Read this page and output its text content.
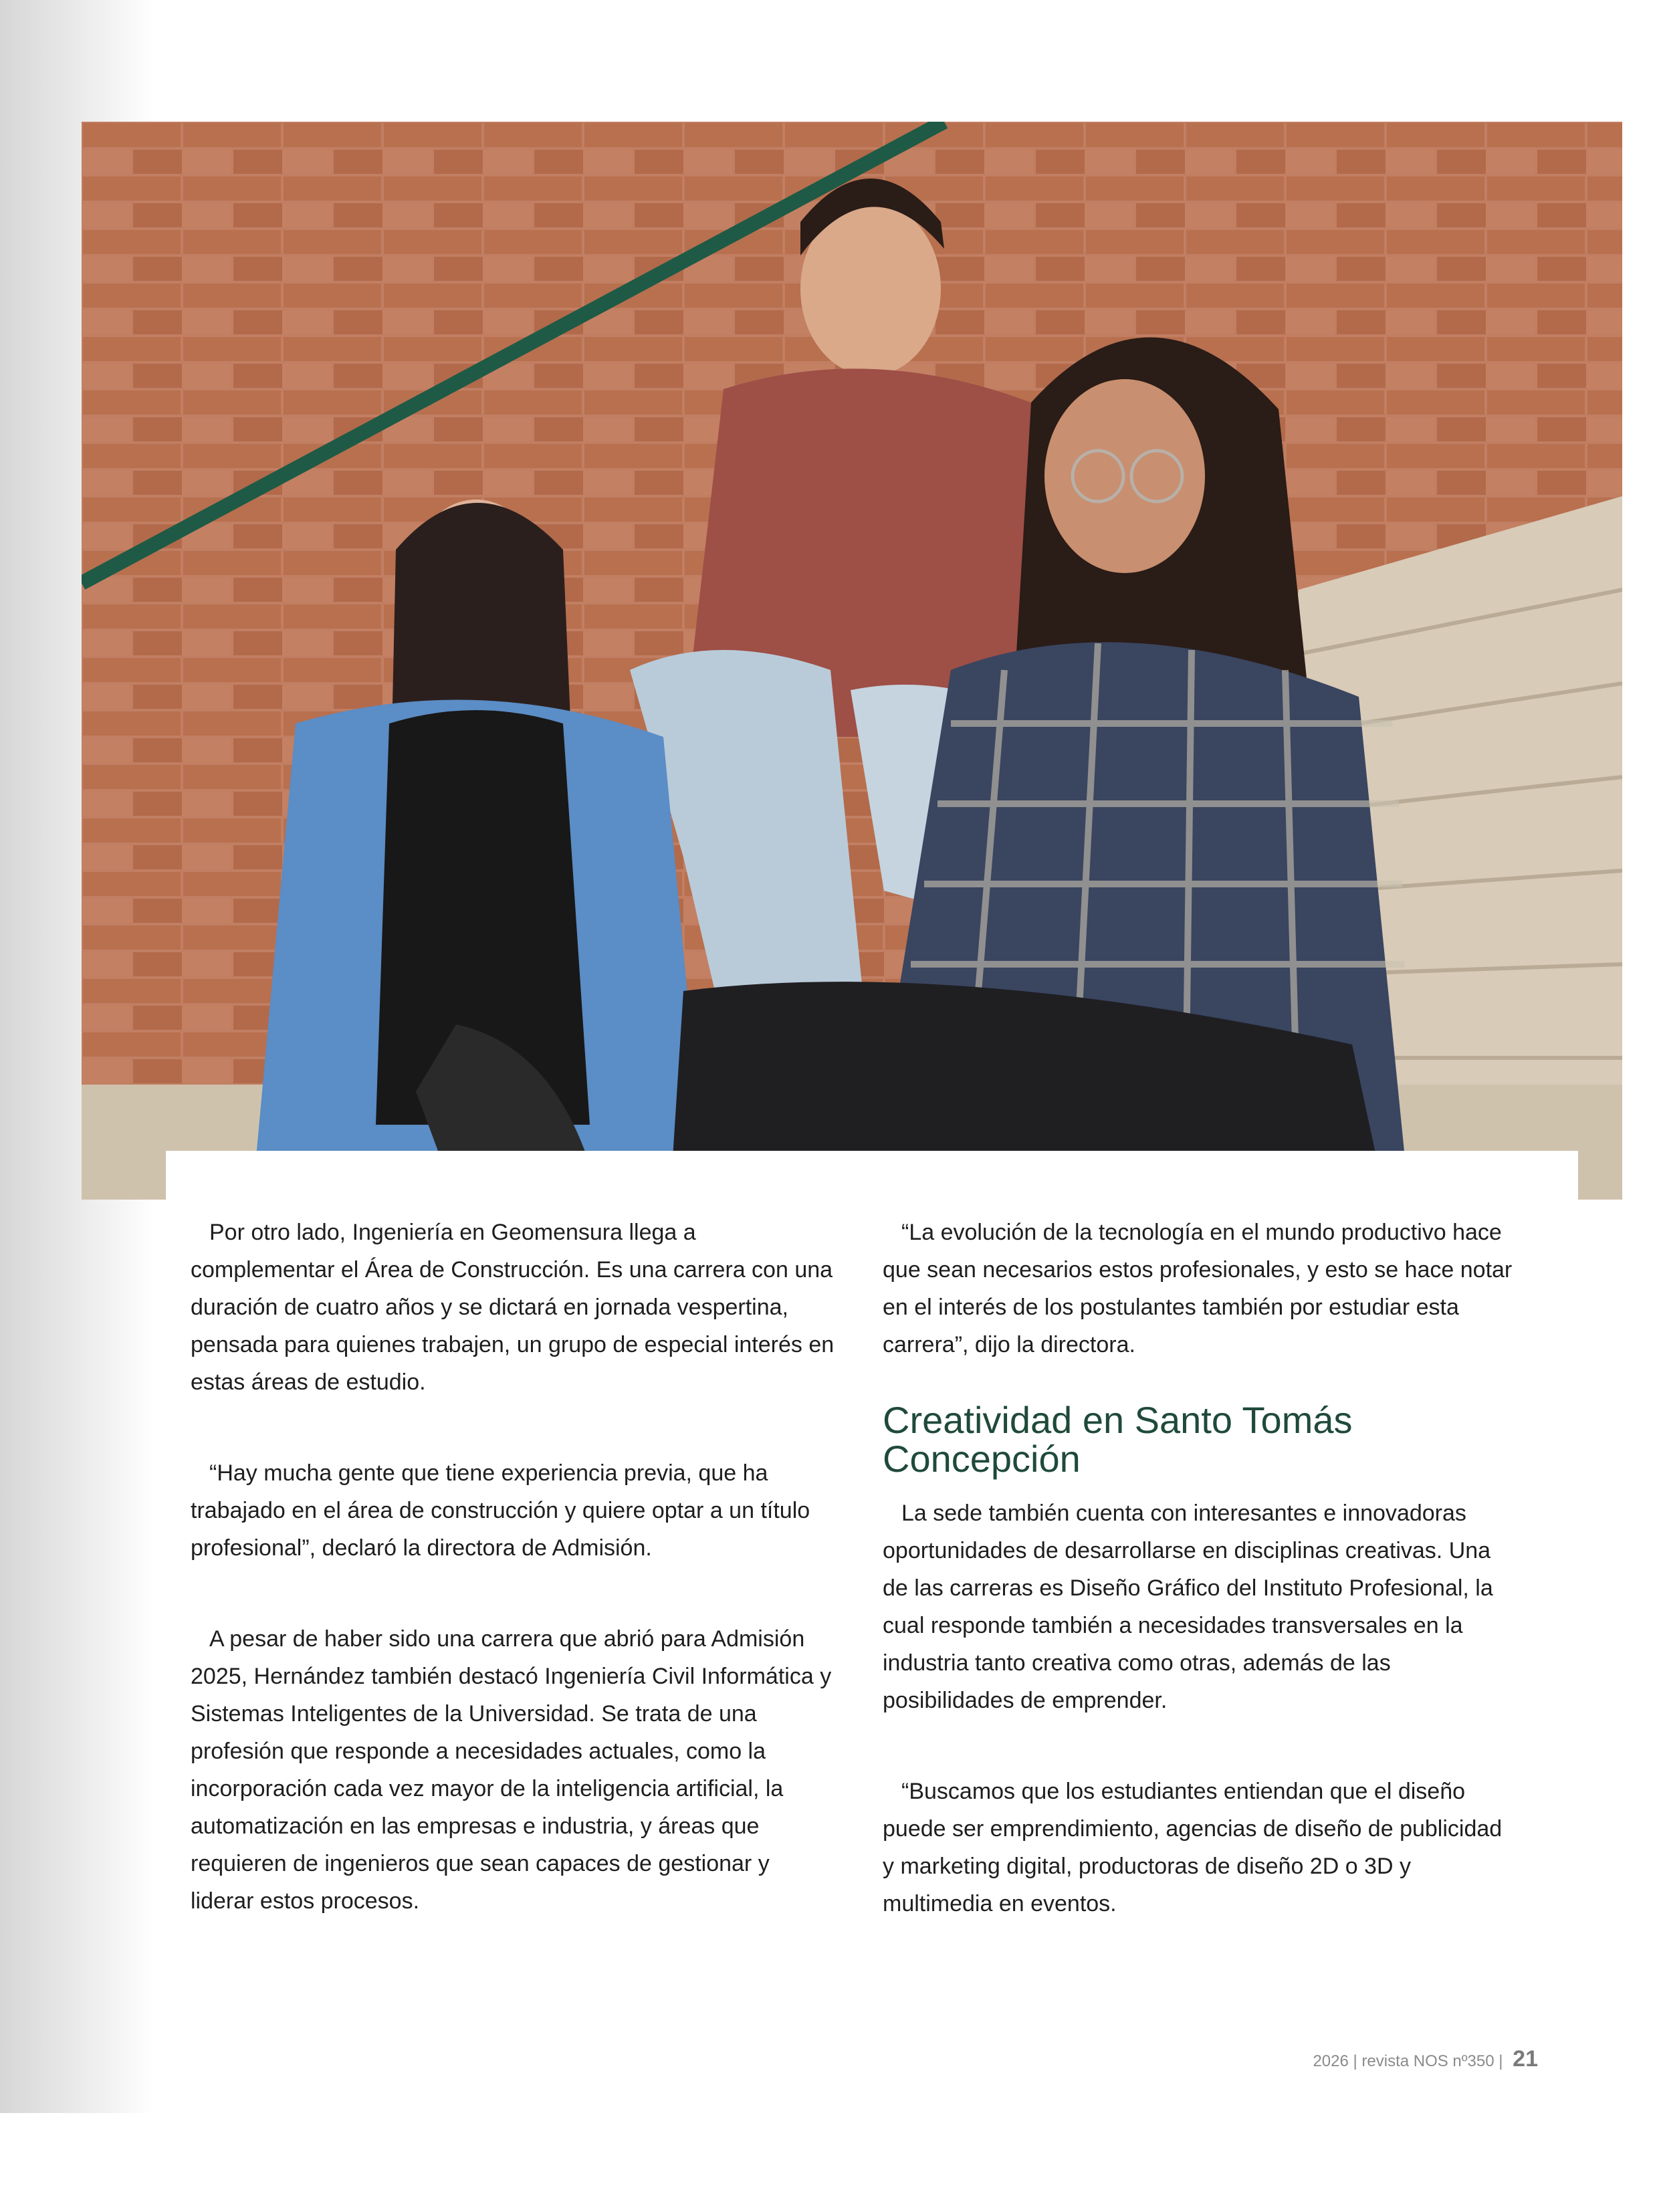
Por otro lado, Ingeniería en Geomensura llega a complementar el Área de Construcción. Es una carrera con una duración de cuatro años y se dictará en jornada vespertina, pensada para quienes trabajen, un grupo de especial interés en estas áreas de estudio.

“Hay mucha gente que tiene experiencia previa, que ha trabajado en el área de construcción y quiere optar a un título profesional”, declaró la directora de Admisión.

A pesar de haber sido una carrera que abrió para Admisión 2025, Hernández también destacó Ingeniería Civil Informática y Sistemas Inteligentes de la Universidad. Se trata de una profesión que responde a necesidades actuales, como la incorporación cada vez mayor de la inteligencia artificial, la automatización en las empresas e industria, y áreas que requieren de ingenieros que sean capaces de gestionar y liderar estos procesos.

“La evolución de la tecnología en el mundo productivo hace que sean necesarios estos profesionales, y esto se hace notar en el interés de los postulantes también por estudiar esta carrera”, dijo la directora.

Creatividad en Santo Tomás Concepción

La sede también cuenta con interesantes e innovadoras oportunidades de desarrollarse en disciplinas creativas. Una de las carreras es Diseño Gráfico del Instituto Profesional, la cual responde también a necesidades transversales en la industria tanto creativa como otras, además de las posibilidades de emprender.

“Buscamos que los estudiantes entiendan que el diseño puede ser emprendimiento, agencias de diseño de publicidad y marketing digital, productoras de diseño 2D o 3D y multimedia en eventos.

2026 | revista NOS nº350 | 21
